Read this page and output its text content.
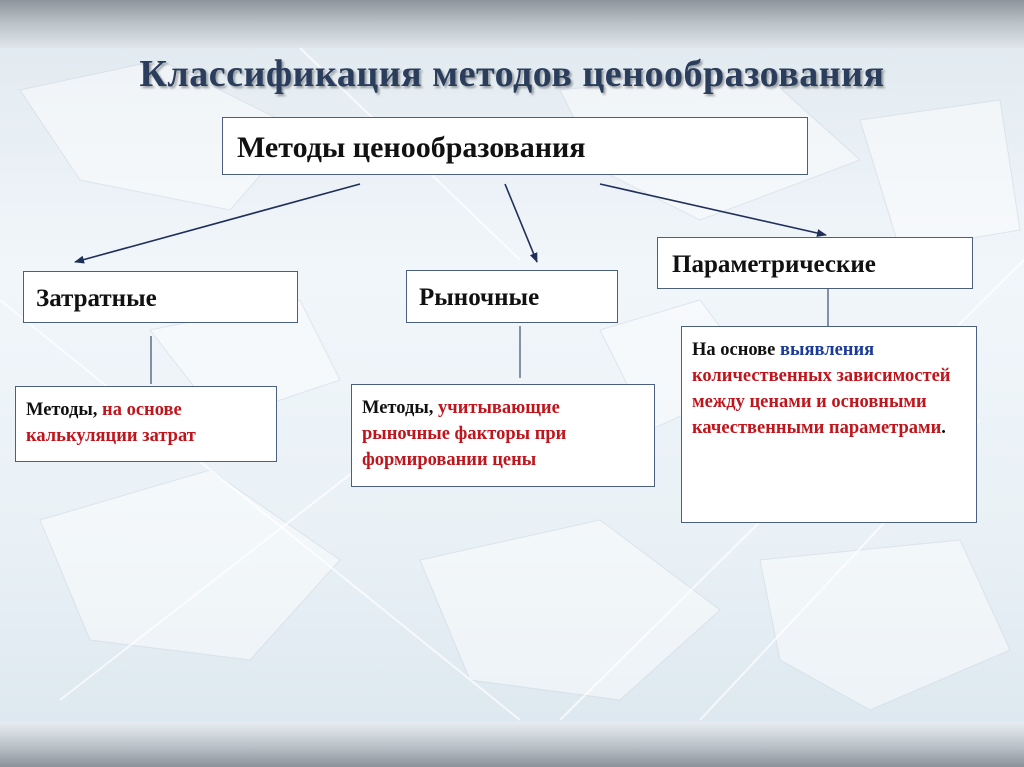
Классификация методов ценообразования
Методы ценообразования
Затратные	Рыночные
Параметрические
Методы, на основе калькуляции затрат
Методы, учитывающие рыночные факторы при формировании цены
На основе выявления количественных зависимостей между ценами и основными качественными параметрами.
